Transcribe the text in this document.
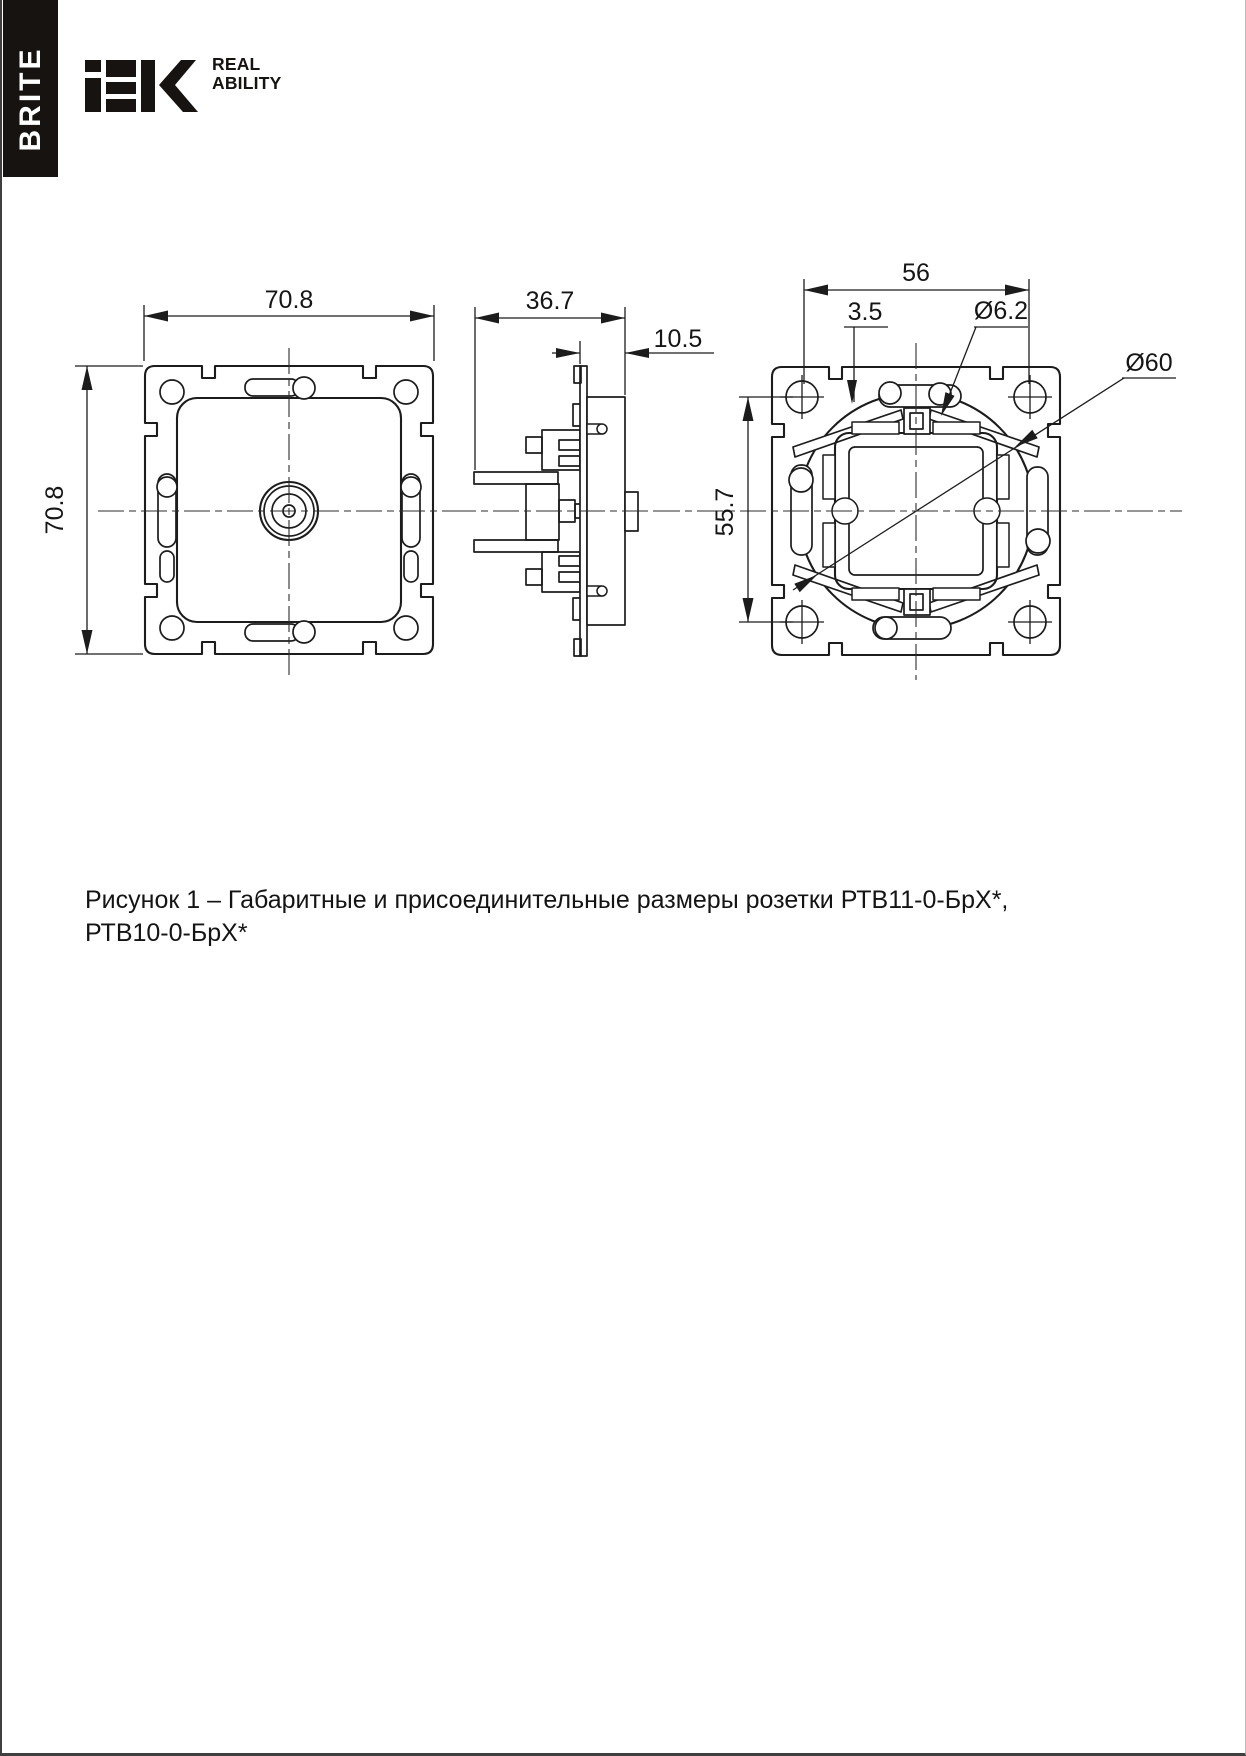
BRITE	REAL
ABILITY
70.8
70.8
36.7
10.5
Ø60
56
55.7
3.5	Ø6.2
Рисунок 1 – Габаритные и присоединительные размеры розетки РТВ11-0-БрХ*,
РТВ10-0-БрХ*
